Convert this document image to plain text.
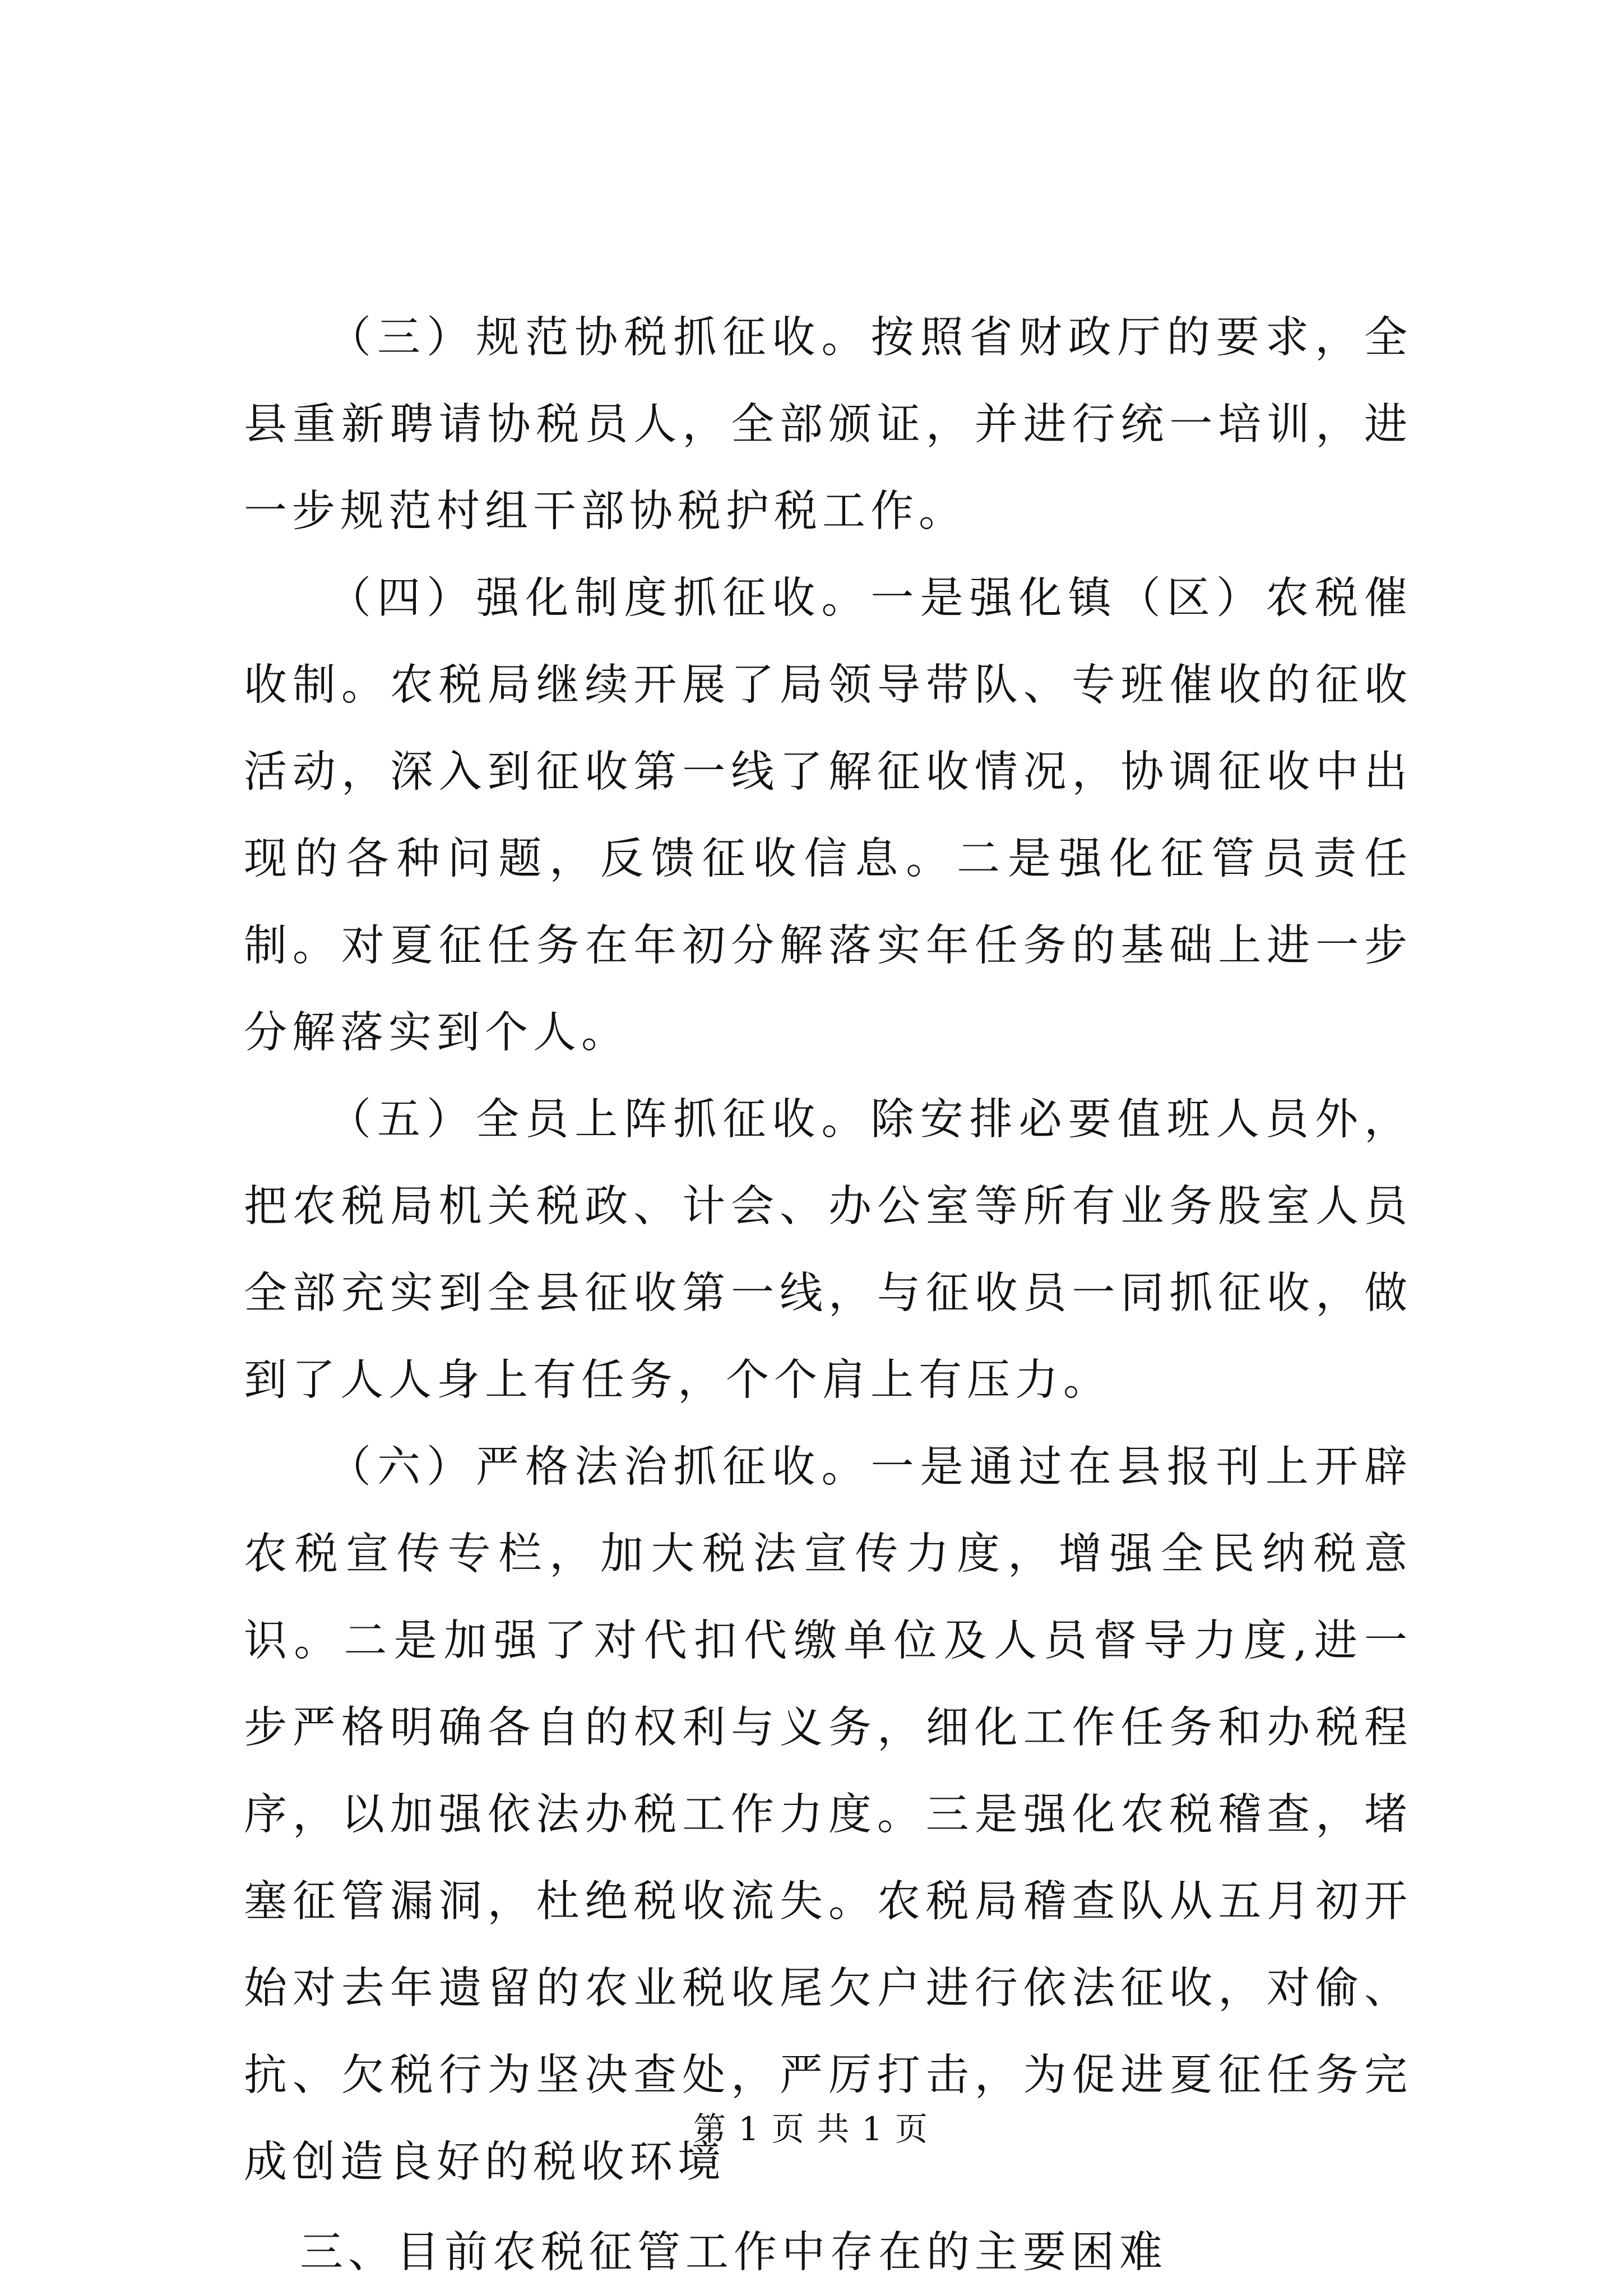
（三）规范协税抓征收。按照省财政厅的要求，全县重新聘请协税员人，全部颁证，并进行统一培训，进一步规范村组干部协税护税工作。

（四）强化制度抓征收。一是强化镇（区）农税催收制。农税局继续开展了局领导带队、专班催收的征收活动，深入到征收第一线了解征收情况，协调征收中出现的各种问题，反馈征收信息。二是强化征管员责任制。对夏征任务在年初分解落实年任务的基础上进一步分解落实到个人。

（五）全员上阵抓征收。除安排必要值班人员外，把农税局机关税政、计会、办公室等所有业务股室人员全部充实到全县征收第一线，与征收员一同抓征收，做到了人人身上有任务，个个肩上有压力。

（六）严格法治抓征收。一是通过在县报刊上开辟农税宣传专栏，加大税法宣传力度，增强全民纳税意识。二是加强了对代扣代缴单位及人员督导力度,进一步严格明确各自的权利与义务，细化工作任务和办税程序，以加强依法办税工作力度。三是强化农税稽查，堵塞征管漏洞，杜绝税收流失。农税局稽查队从五月初开始对去年遗留的农业税收尾欠户进行依法征收，对偷、抗、欠税行为坚决查处，严厉打击，为促进夏征任务完成创造良好的税收环境

三、目前农税征管工作中存在的主要困难

第 1 页 共 1 页
